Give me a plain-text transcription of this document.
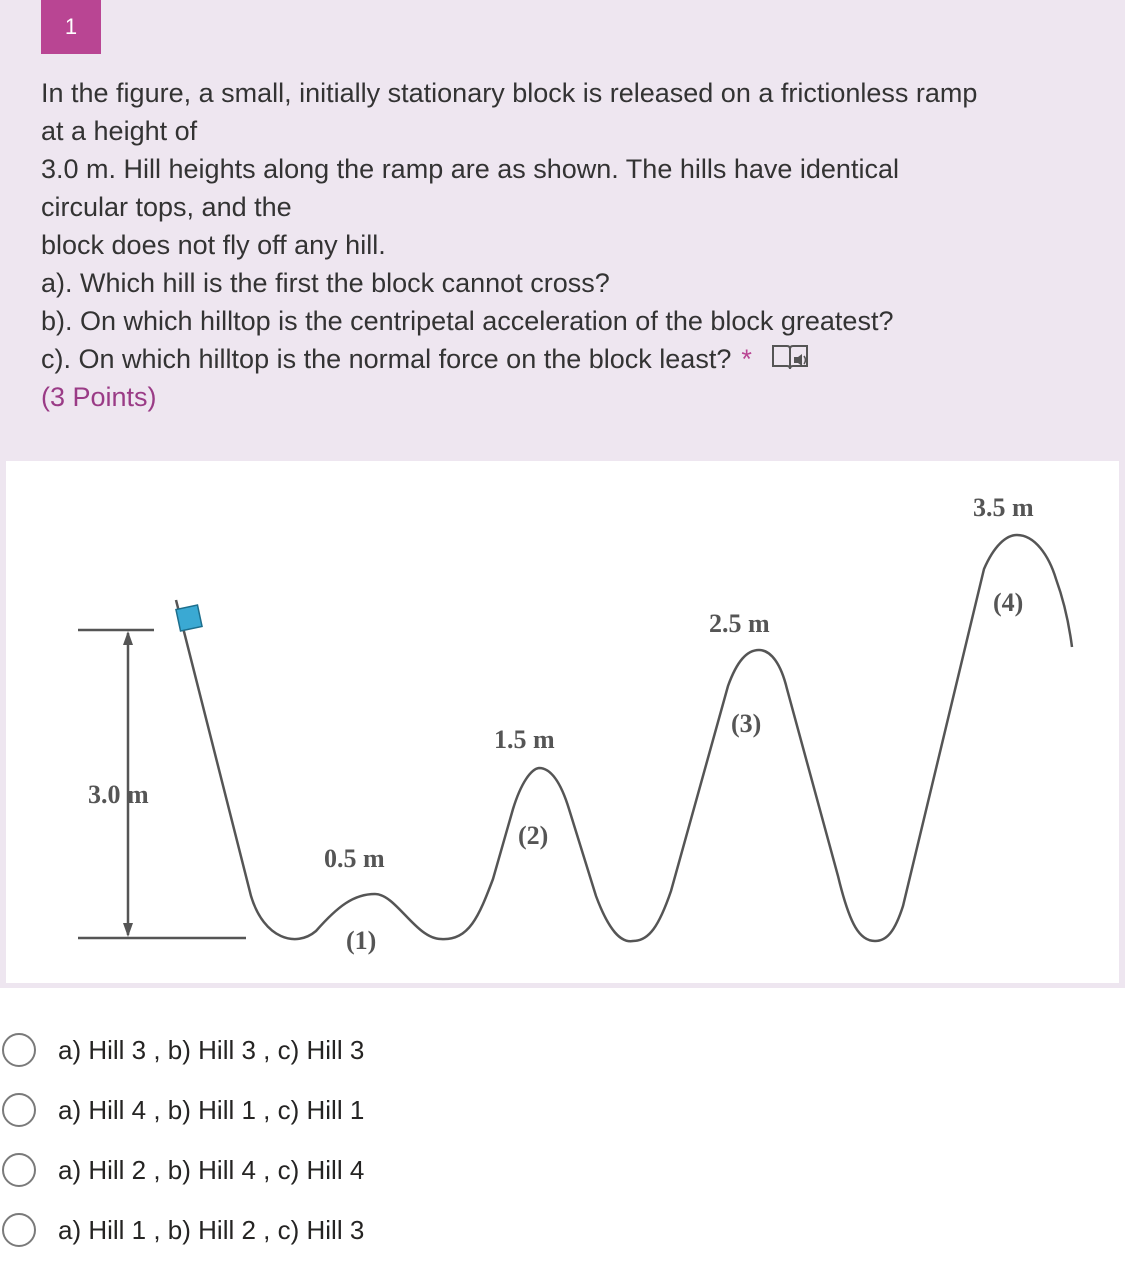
1
In the figure, a small, initially stationary block is released on a frictionless ramp
at a height of
3.0 m. Hill heights along the ramp are as shown. The hills have identical
circular tops, and the
block does not fly off any hill.
a). Which hill is the first the block cannot cross?
b). On which hilltop is the centripetal acceleration of the block greatest?
c). On which hilltop is the normal force on the block least? *
(3 Points)
3.0 m
0.5 m
(1)
1.5 m
(2)
2.5 m
(3)
3.5 m
(4)
a) Hill 3 , b) Hill 3 , c) Hill 3
a) Hill 4 , b) Hill 1 , c) Hill 1
a) Hill 2 , b) Hill 4 , c) Hill 4
a) Hill 1 , b) Hill 2 , c) Hill 3
